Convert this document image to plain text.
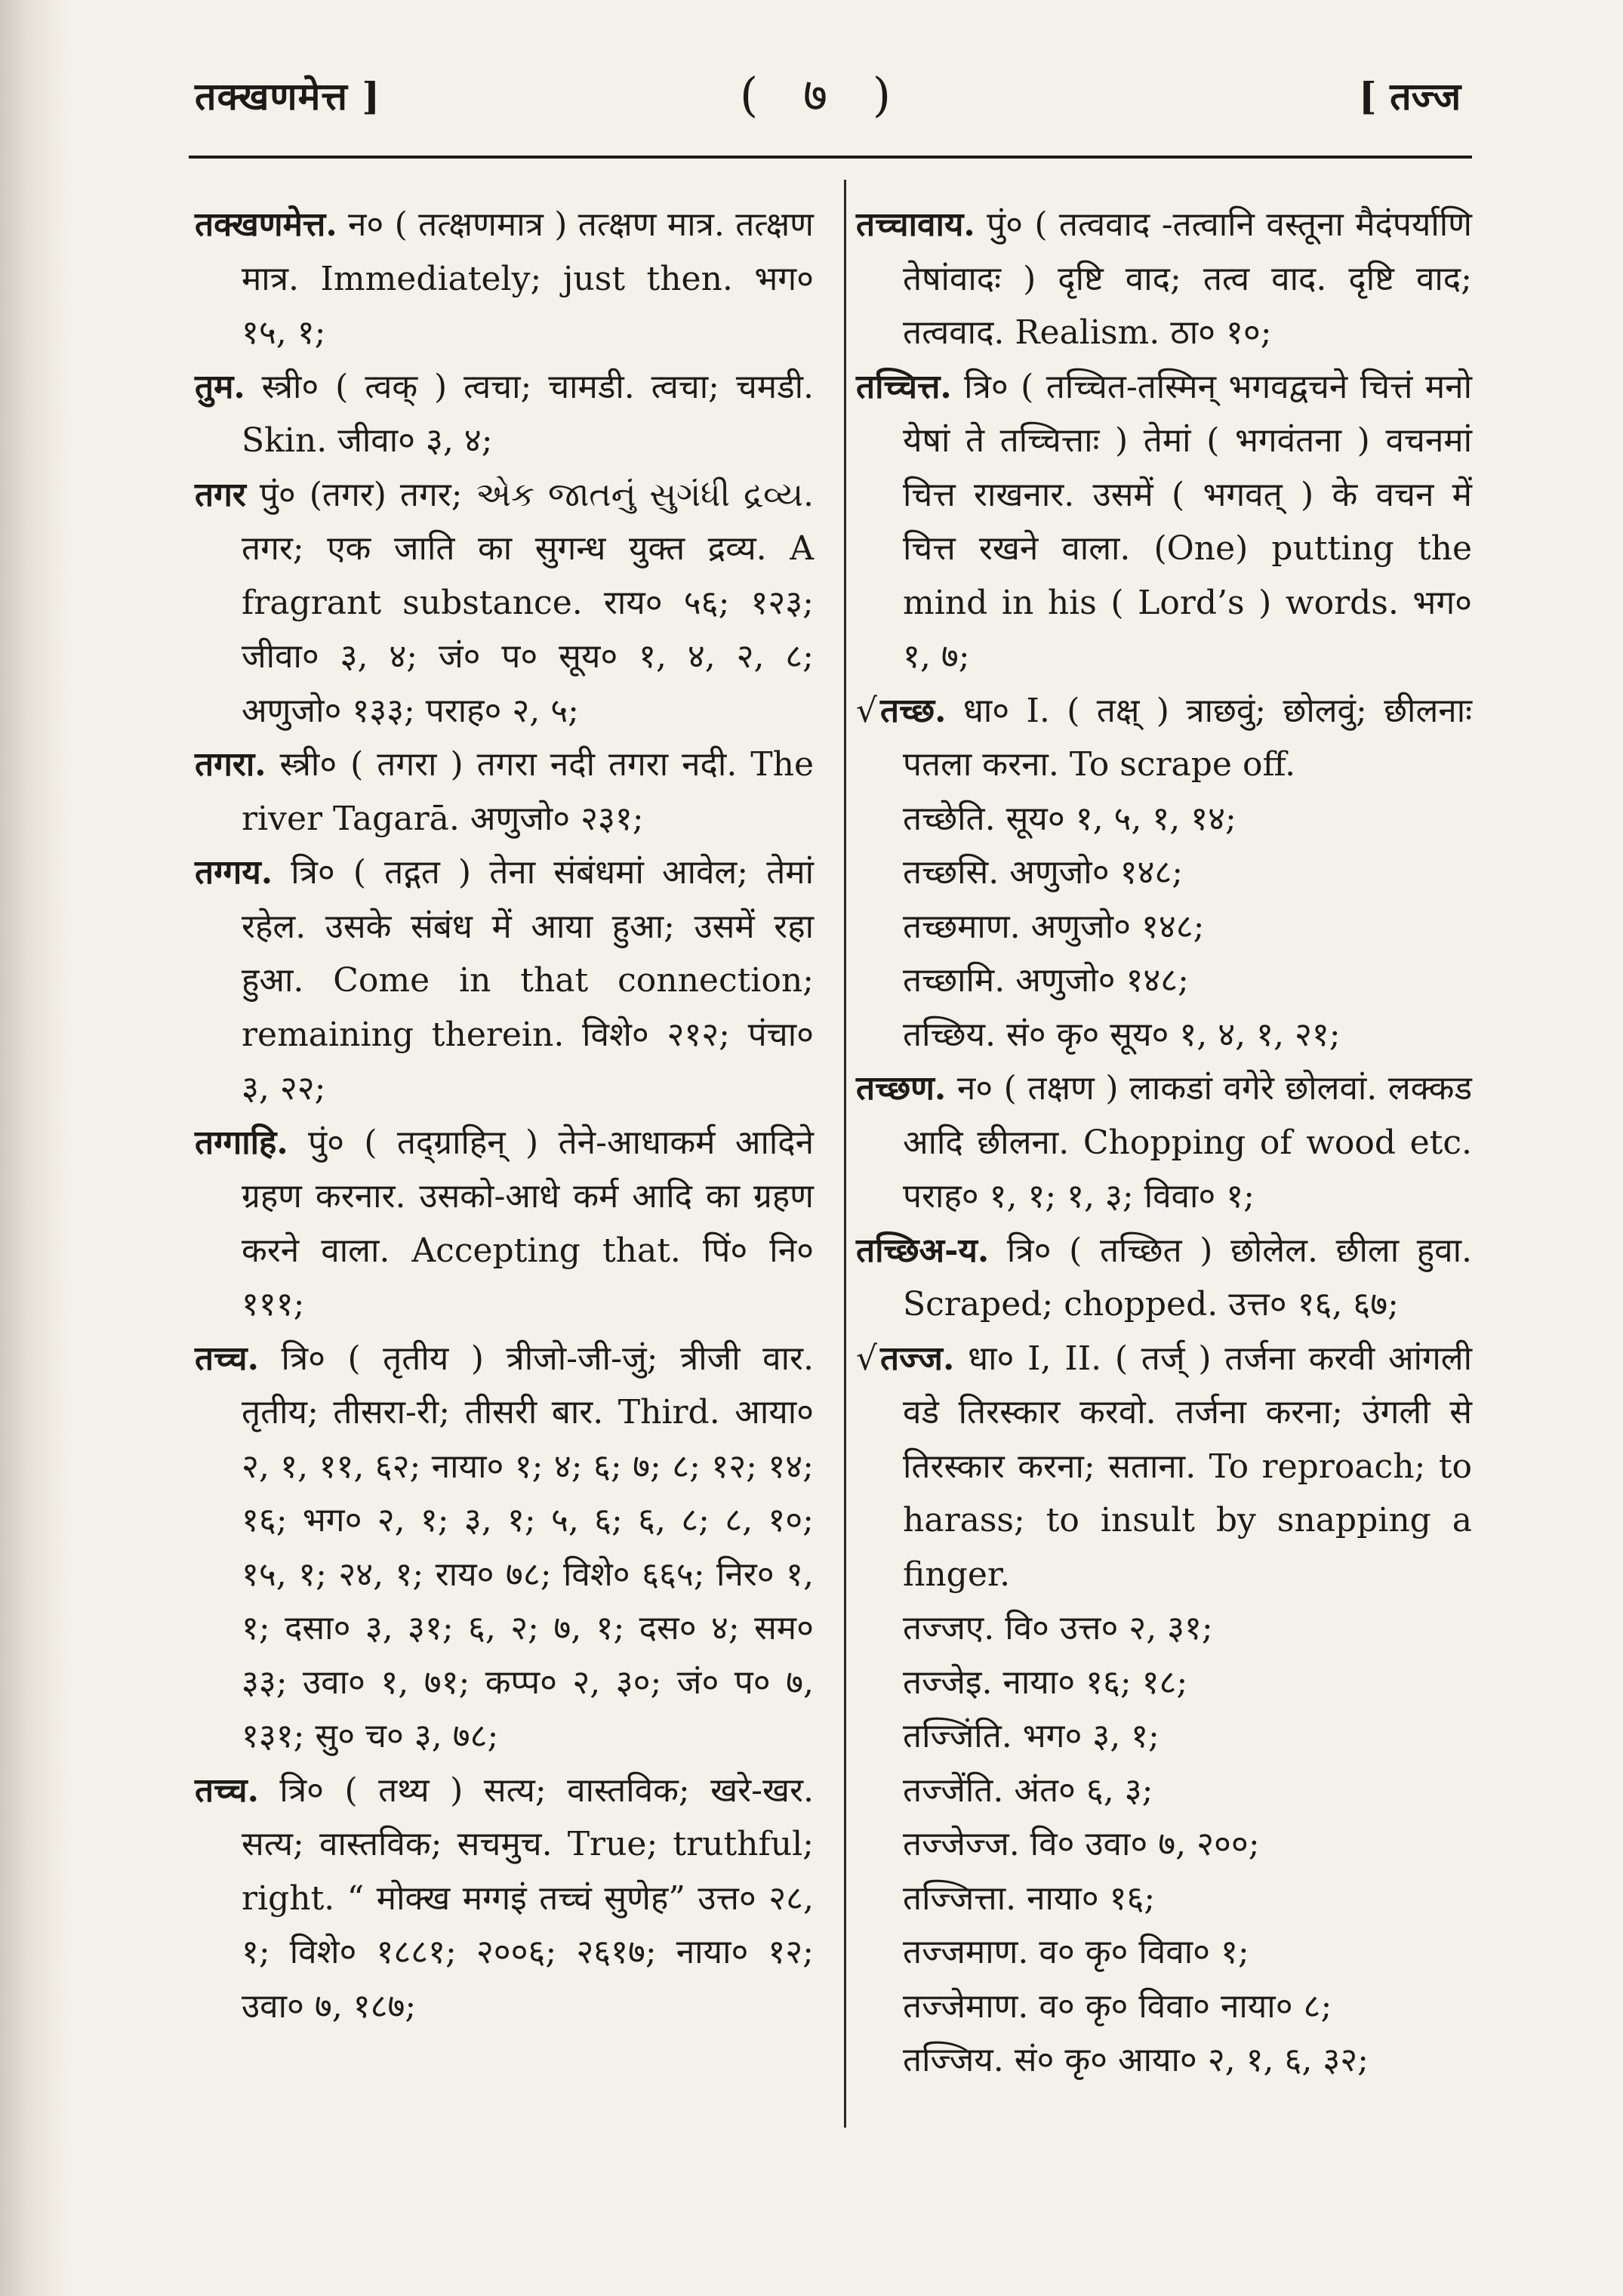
तक्खणमेत्त ]	( ७ )	[ तज्ज

तक्खणमेत्त. न० ( तत्क्षणमात्र ) तत्क्षण मात्र. तत्क्षण मात्र. Immediately; just then. भग० १५, १;

तुम. स्त्री० ( त्वक् ) त्वचा; चामडी. त्वचा; चमडी. Skin. जीवा० ३, ४;

तगर पुं० (तगर) तगर; એક જાતનું સુગંધી દ્રવ્ય. तगर; एक जाति का सुगन्ध युक्त द्रव्य. A fragrant substance. राय० ५६; १२३; जीवा० ३, ४; जं० प० सूय० १, ४, २, ८; अणुजो० १३३; पराह० २, ५;

तगरा. स्त्री० ( तगरा ) तगरा नदी तगरा नदी. The river Tagarā. अणुजो० २३१;

तग्गय. त्रि० ( तद्गत ) तेना संबंधमां आवेल; तेमां रहेल. उसके संबंध में आया हुआ; उसमें रहा हुआ. Come in that connection; remaining therein. विशे० २१२; पंचा० ३, २२;

तग्गाहि. पुं० ( तद्ग्राहिन् ) तेने-आधाकर्म आदिने ग्रहण करनार. उसको-आधे कर्म आदि का ग्रहण करने वाला. Accepting that. पिं० नि० १११;

तच्च. त्रि० ( तृतीय ) त्रीजो-जी-जुं; त्रीजी वार. तृतीय; तीसरा-री; तीसरी बार. Third. आया० २, १, ११, ६२; नाया० १; ४; ६; ७; ८; १२; १४; १६; भग० २, १; ३, १; ५, ६; ६, ८; ८, १०; १५, १; २४, १; राय० ७८; विशे० ६६५; निर० १, १; दसा० ३, ३१; ६, २; ७, १; दस० ४; सम० ३३; उवा० १, ७१; कप्प० २, ३०; जं० प० ७, १३१; सु० च० ३, ७८;

तच्च. त्रि० ( तथ्य ) सत्य; वास्तविक; खरे-खर. सत्य; वास्तविक; सचमुच. True; truthful; right. “ मोक्ख मग्गइं तच्चं सुणेह” उत्त० २८, १; विशे० १८८१; २००६; २६१७; नाया० १२; उवा० ७, १८७;

तच्चावाय. पुं० ( तत्ववाद -तत्वानि वस्तूना मैदंपर्याणि तेषांवादः ) दृष्टि वाद; तत्व वाद. दृष्टि वाद; तत्ववाद. Realism. ठा० १०;

तच्चित्त. त्रि० ( तच्चित-तस्मिन् भगवद्वचने चित्तं मनो येषां ते तच्चित्ताः ) तेमां ( भगवंतना ) वचनमां चित्त राखनार. उसमें ( भगवत् ) के वचन में चित्त रखने वाला. (One) putting the mind in his ( Lord’s ) words. भग० १, ७;

√तच्छ. धा० I. ( तक्ष् ) त्राछवुं; छोलवुं; छीलनाः पतला करना. To scrape off.

तच्छेति. सूय० १, ५, १, १४;

तच्छसि. अणुजो० १४८;

तच्छमाण. अणुजो० १४८;

तच्छामि. अणुजो० १४८;

तच्छिय. सं० कृ० सूय० १, ४, १, २१;

तच्छण. न० ( तक्षण ) लाकडां वगेरे छोलवां. लक्कड आदि छीलना. Chopping of wood etc. पराह० १, १; १, ३; विवा० १;

तच्छिअ-य. त्रि० ( तच्छित ) छोलेल. छीला हुवा. Scraped; chopped. उत्त० १६, ६७;

√तज्ज. धा० I, II. ( तर्ज् ) तर्जना करवी आंगली वडे तिरस्कार करवो. तर्जना करना; उंगली से तिरस्कार करना; सताना. To reproach; to harass; to insult by snapping a finger.

तज्जए. वि० उत्त० २, ३१;

तज्जेइ. नाया० १६; १८;

तज्जिंति. भग० ३, १;

तज्जेंति. अंत० ६, ३;

तज्जेज्ज. वि० उवा० ७, २००;

तज्जित्ता. नाया० १६;

तज्जमाण. व० कृ० विवा० १;

तज्जेमाण. व० कृ० विवा० नाया० ८;

तज्जिय. सं० कृ० आया० २, १, ६, ३२;
